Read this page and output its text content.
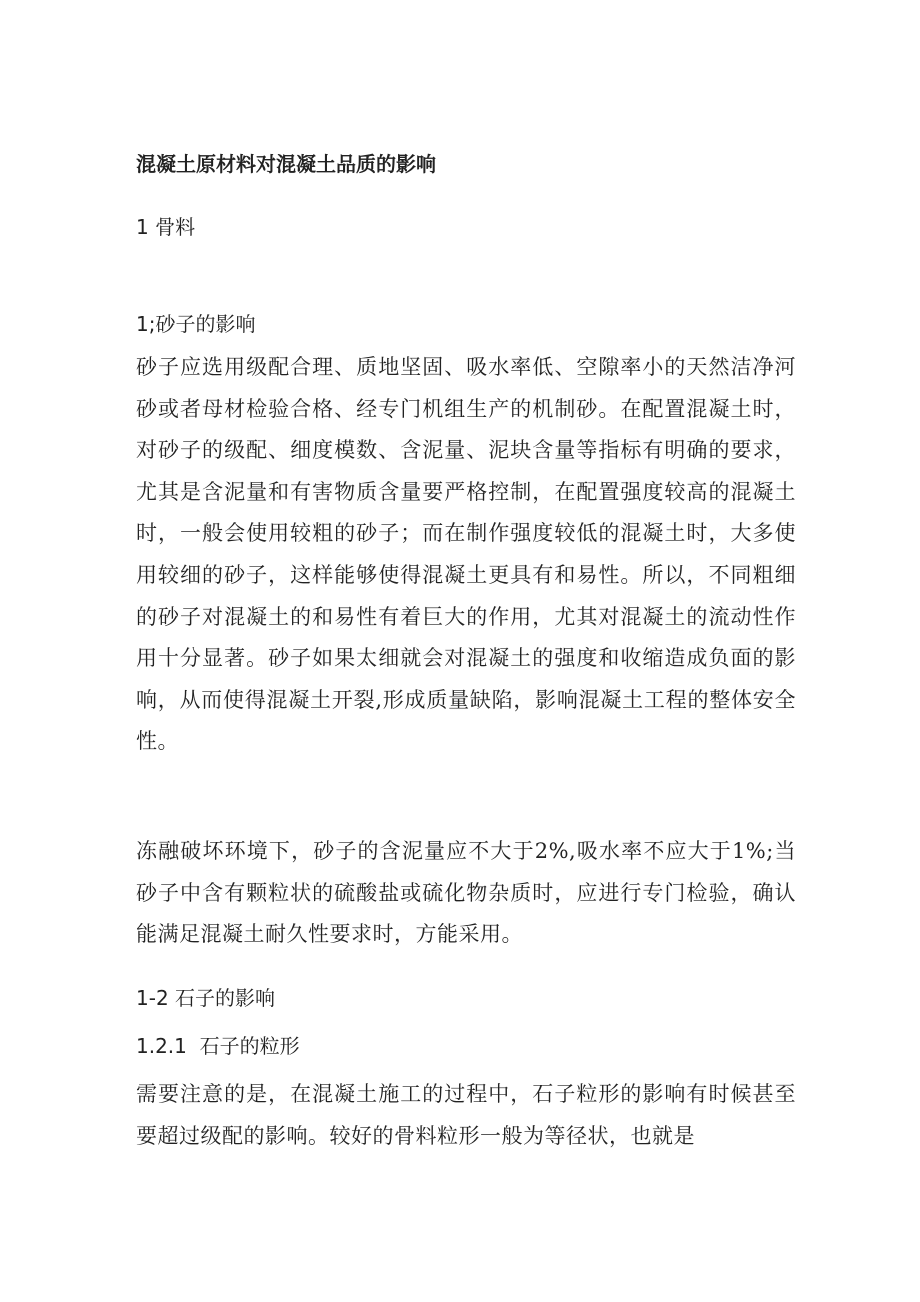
混凝土原材料对混凝土品质的影响
1 骨料
1;砂子的影响

砂子应选用级配合理、质地坚固、吸水率低、空隙率小的天然洁净河砂或者母材检验合格、经专门机组生产的机制砂。在配置混凝土时，对砂子的级配、细度模数、含泥量、泥块含量等指标有明确的要求，尤其是含泥量和有害物质含量要严格控制，在配置强度较高的混凝土时，一般会使用较粗的砂子；而在制作强度较低的混凝土时，大多使用较细的砂子，这样能够使得混凝土更具有和易性。所以，不同粗细的砂子对混凝土的和易性有着巨大的作用，尤其对混凝土的流动性作用十分显著。砂子如果太细就会对混凝土的强度和收缩造成负面的影响，从而使得混凝土开裂,形成质量缺陷，影响混凝土工程的整体安全性。

冻融破坏环境下，砂子的含泥量应不大于2%,吸水率不应大于1%;当砂子中含有颗粒状的硫酸盐或硫化物杂质时，应进行专门检验，确认能满足混凝土耐久性要求时，方能采用。

1-2 石子的影响
1.2.1  石子的粒形

需要注意的是，在混凝土施工的过程中，石子粒形的影响有时候甚至要超过级配的影响。较好的骨料粒形一般为等径状，也就是
